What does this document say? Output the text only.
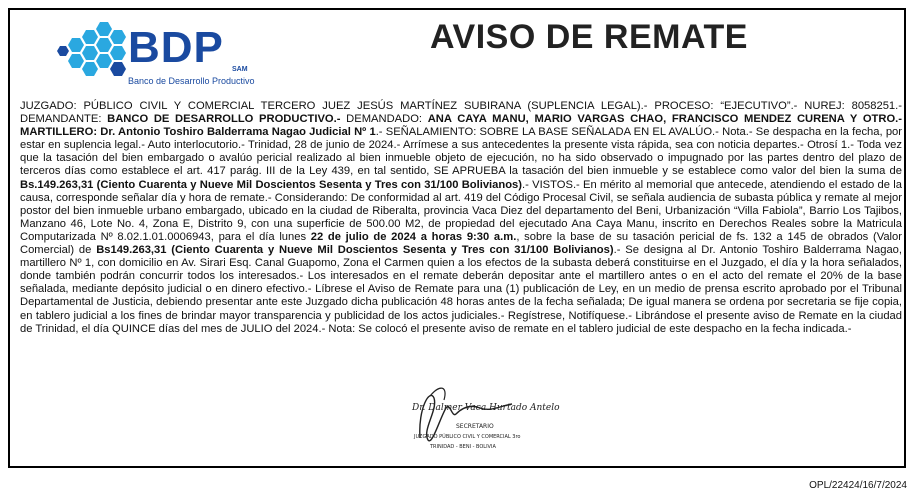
BDP SAM
Banco de Desarrollo Productivo
AVISO DE REMATE
JUZGADO: PÚBLICO CIVIL Y COMERCIAL TERCERO JUEZ JESÚS MARTÍNEZ SUBIRANA (SUPLENCIA LEGAL).- PROCESO: “EJECUTIVO”.- NUREJ: 8058251.- DEMANDANTE: BANCO DE DESARROLLO PRODUCTIVO.- DEMANDADO: ANA CAYA MANU, MARIO VARGAS CHAO, FRANCISCO MENDEZ CURENA Y OTRO.- MARTILLERO: Dr. Antonio Toshiro Balderrama Nagao Judicial Nº 1.- SEÑALAMIENTO: SOBRE LA BASE SEÑALADA EN EL AVALÚO.- Nota.- Se despacha en la fecha, por estar en suplencia legal.- Auto interlocutorio.- Trinidad, 28 de junio de 2024.- Arrímese a sus antecedentes la presente vista rápida, sea con noticia departes.- Otrosí 1.- Toda vez que la tasación del bien embargado o avalúo pericial realizado al bien inmueble objeto de ejecución, no ha sido observado o impugnado por las partes dentro del plazo de terceros días como establece el art. 417 parág. III de la Ley 439, en tal sentido, SE APRUEBA la tasación del bien inmueble y se establece como valor del bien la suma de Bs.149.263,31 (Ciento Cuarenta y Nueve Mil Doscientos Sesenta y Tres con 31/100 Bolivianos).- VISTOS.- En mérito al memorial que antecede, atendiendo el estado de la causa, corresponde señalar día y hora de remate.- Considerando: De conformidad al art. 419 del Código Procesal Civil, se señala audiencia de subasta pública y remate al mejor postor del bien inmueble urbano embargado, ubicado en la ciudad de Riberalta, provincia Vaca Diez del departamento del Beni, Urbanización “Villa Fabiola”, Barrio Los Tajibos, Manzano 46, Lote No. 4, Zona E, Distrito 9, con una superficie de 500.00 M2, de propiedad del ejecutado Ana Caya Manu, inscrito en Derechos Reales sobre la Matricula Computarizada Nº 8.02.1.01.0006943, para el día lunes 22 de julio de 2024 a horas 9:30 a.m., sobre la base de su tasación pericial de fs. 132 a 145 de obrados (Valor Comercial) de Bs149.263,31 (Ciento Cuarenta y Nueve Mil Doscientos Sesenta y Tres con 31/100 Bolivianos).- Se designa al Dr. Antonio Toshiro Balderrama Nagao, martillero Nº 1, con domicilio en Av. Sirari Esq. Canal Guapomo, Zona el Carmen quien a los efectos de la subasta deberá constituirse en el Juzgado, el día y la hora señalados, donde también podrán concurrir todos los interesados.- Los interesados en el remate deberán depositar ante el martillero antes o en el acto del remate el 20% de la base señalada, mediante depósito judicial o en dinero efectivo.- Líbrese el Aviso de Remate para una (1) publicación de Ley, en un medio de prensa escrito aprobado por el Tribunal Departamental de Justicia, debiendo presentar ante este Juzgado dicha publicación 48 horas antes de la fecha señalada; De igual manera se ordena por secretaria se fije copia, en tablero judicial a los fines de brindar mayor transparencia y publicidad de los actos judiciales.- Regístrese, Notifíquese.- Librándose el presente aviso de Remate en la ciudad de Trinidad, el día QUINCE días del mes de JULIO del 2024.- Nota: Se colocó el presente aviso de remate en el tablero judicial de este despacho en la fecha indicada.-
Dr. Dalmer Vaca Hurtado Antelo
SECRETARIO
JUZGADO PÚBLICO CIVIL Y COMERCIAL 3ro
TRINIDAD - BENI - BOLIVIA
OPL/22424/16/7/2024
